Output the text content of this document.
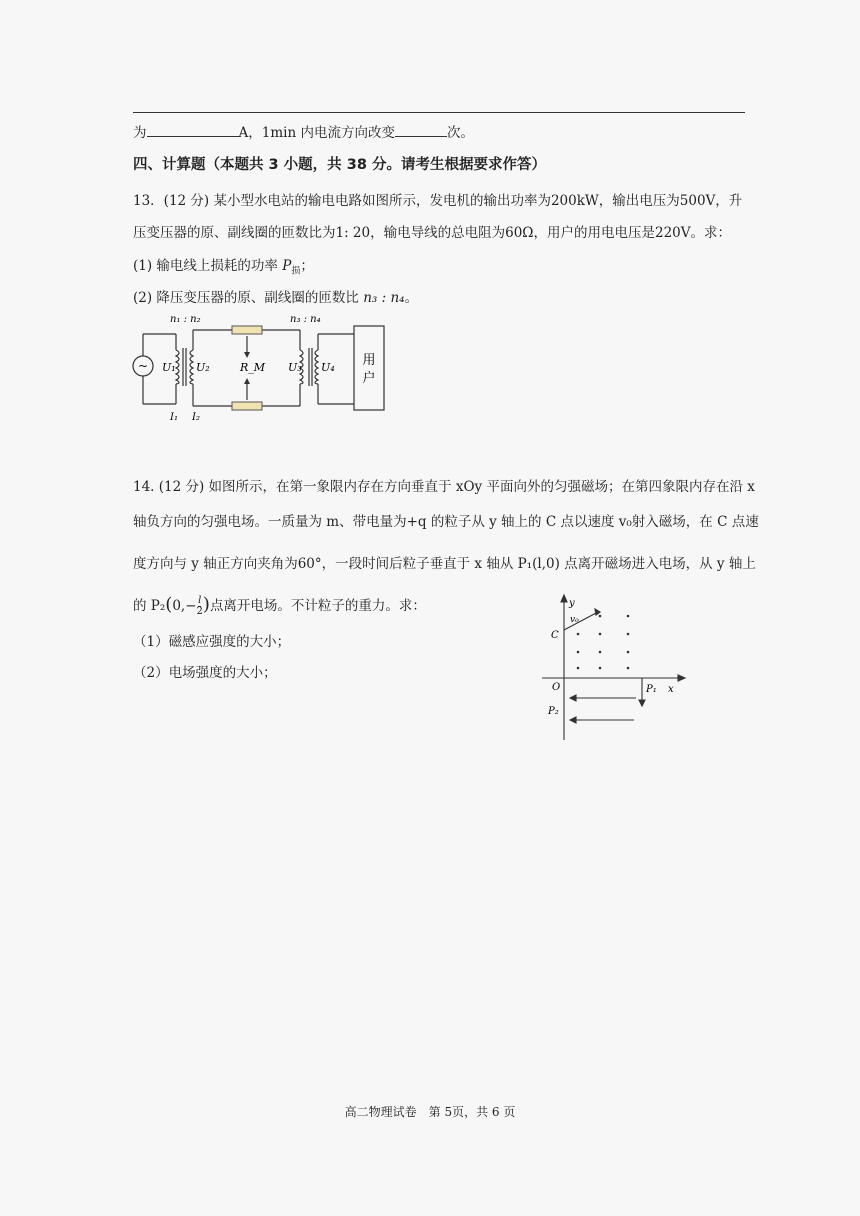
为	A，1min 内电流方向改变	次。
四、计算题（本题共 3 小题，共 38 分。请考生根据要求作答）
13．(12 分) 某小型水电站的输电电路如图所示，发电机的输出功率为200kW，输出电压为500V，升
压变压器的原、副线圈的匝数比为1: 20，输电导线的总电阻为60Ω，用户的用电电压是220V。求：
(1) 输电线上损耗的功率 $P_损$；
(2) 降压变压器的原、副线圈的匝数比 n₃ : n₄。
~
n₁ : n₂	n₃ : n₄
U₁ U₂	U₃ U₄
R_M
I₁ I₂
用
户
14. (12 分) 如图所示，在第一象限内存在方向垂直于 xOy 平面向外的匀强磁场；在第四象限内存在沿 x
轴负方向的匀强电场。一质量为 m、带电量为+q 的粒子从 y 轴上的 C 点以速度 v₀射入磁场，在 C 点速
度方向与 y 轴正方向夹角为60°，一段时间后粒子垂直于 x 轴从 P₁(l,0) 点离开磁场进入电场，从 y 轴上
的 $P_2(0,- \frac{l}{2}$ )点离开电场。不计粒子的重力。求：
（1）磁感应强度的大小；
（2）电场强度的大小；
y
x
O
C
v₀
P₁
P₂
高二物理试卷　第 5页，共 6 页
